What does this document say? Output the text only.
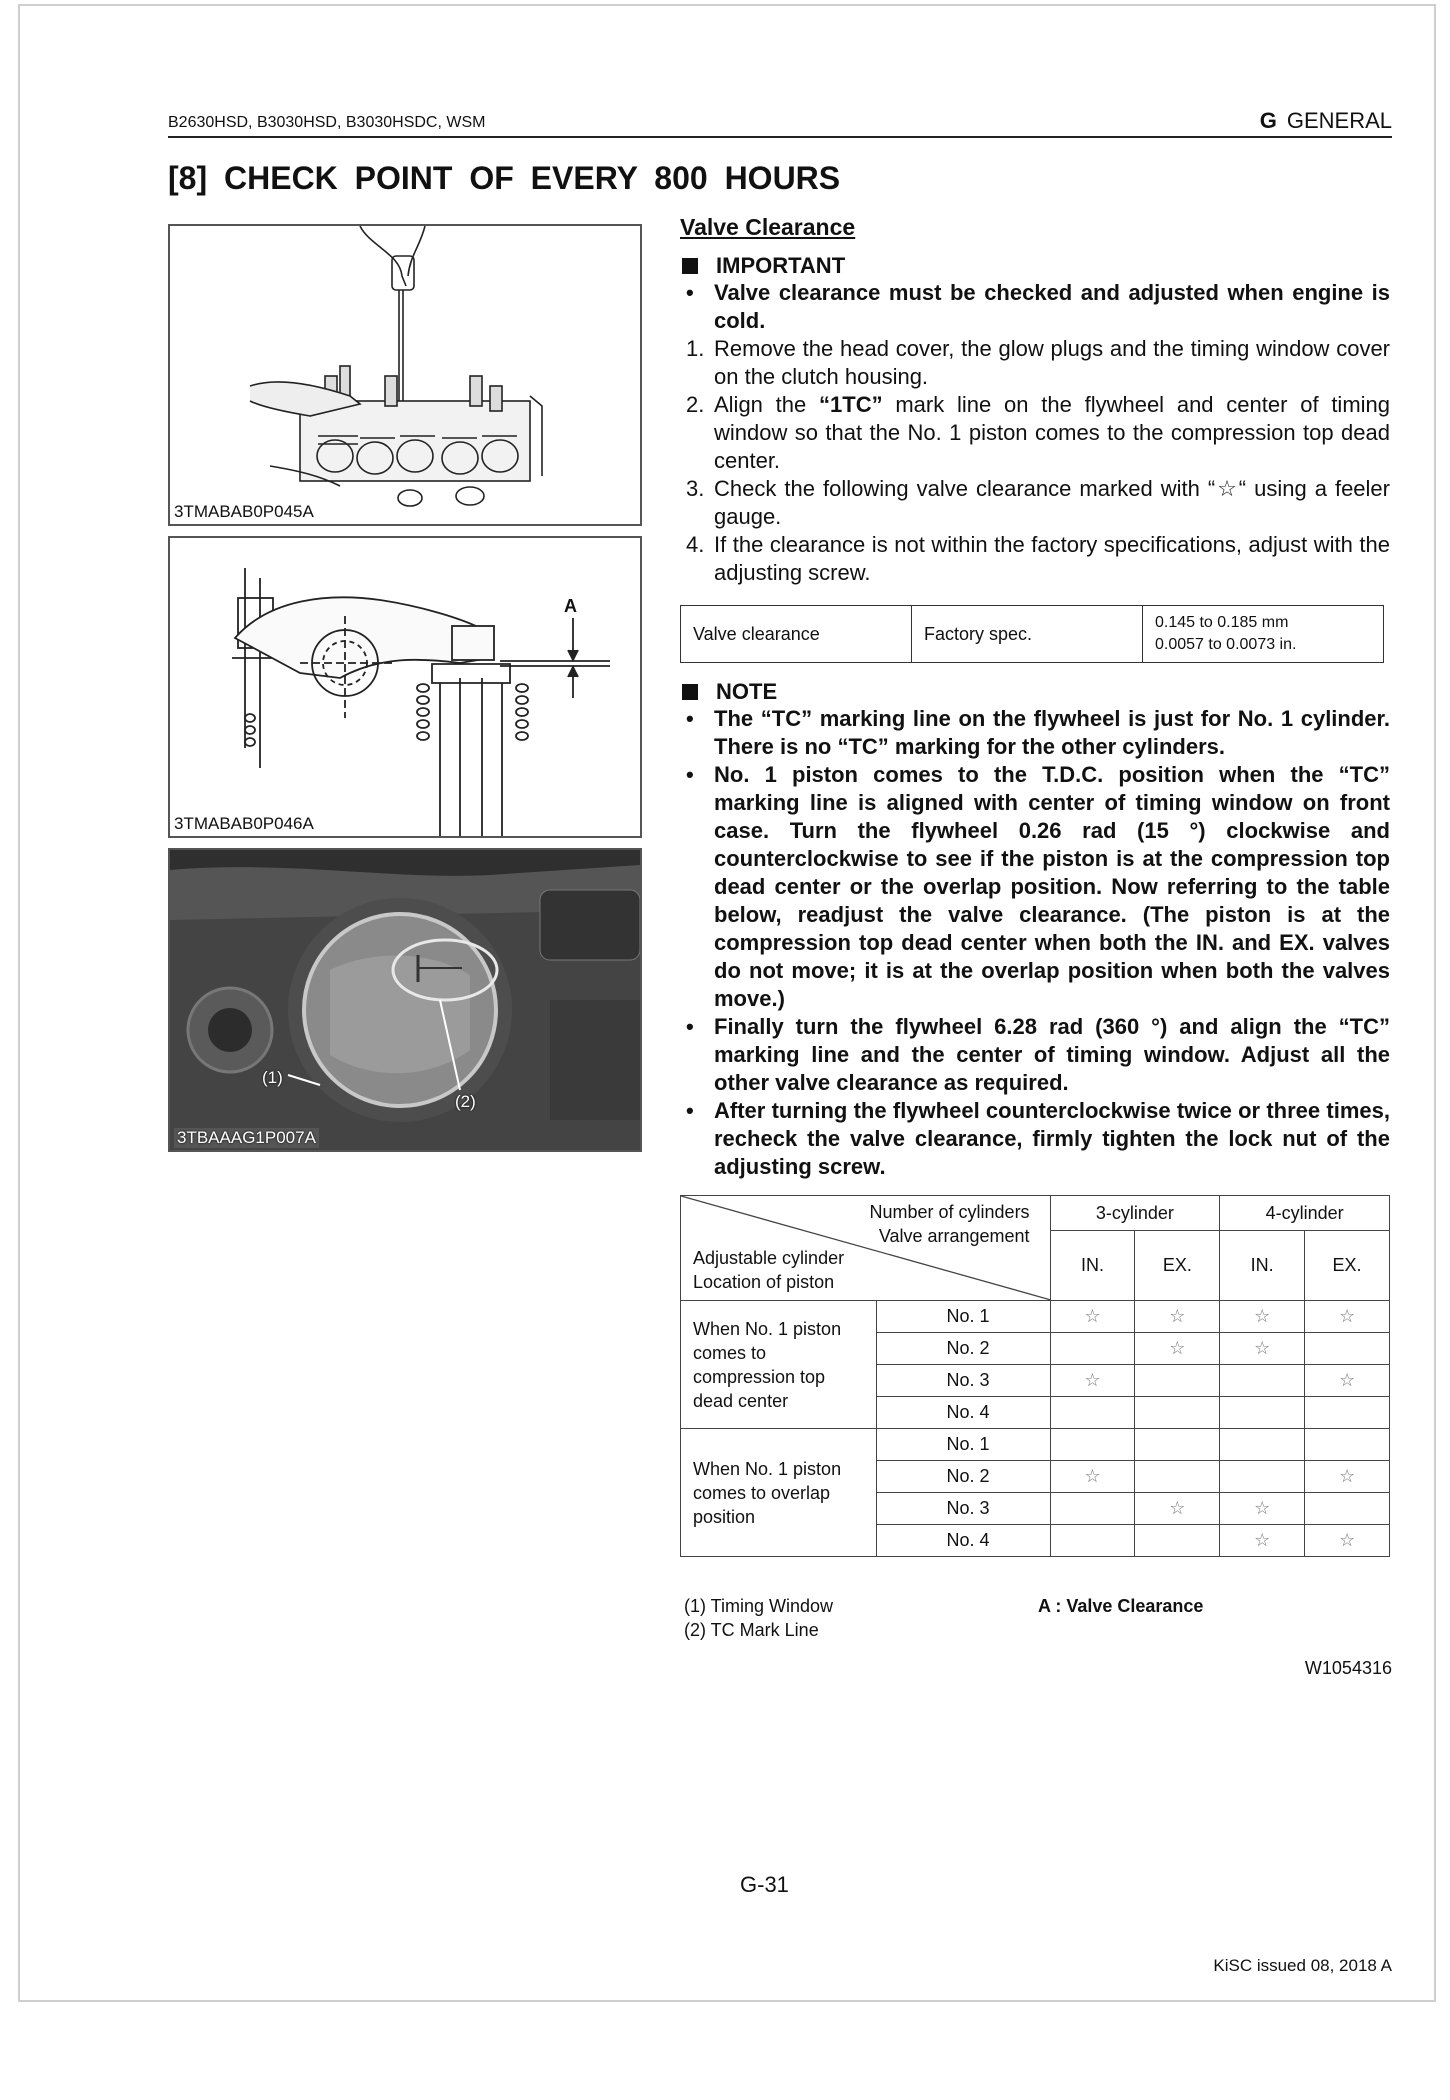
B2630HSD, B3030HSD, B3030HSDC, WSM	G GENERAL
[8] CHECK POINT OF EVERY 800 HOURS
3TMABAB0P045A
A
3TMABAB0P046A
(1)
(2)
3TBAAAG1P007A
Valve Clearance
IMPORTANT
• Valve clearance must be checked and adjusted when engine is cold.
1. Remove the head cover, the glow plugs and the timing window cover on the clutch housing.
2. Align the “1TC” mark line on the flywheel and center of timing window so that the No. 1 piston comes to the compression top dead center.
3. Check the following valve clearance marked with “☆“ using a feeler gauge.
4. If the clearance is not within the factory specifications, adjust with the adjusting screw.
Valve clearance	Factory spec.	
0.145 to 0.185 mm
0.0057 to 0.0073 in.
NOTE
• The “TC” marking line on the flywheel is just for No. 1 cylinder. There is no “TC” marking for the other cylinders.
• No. 1 piston comes to the T.D.C. position when the “TC” marking line is aligned with center of timing window on front case. Turn the flywheel 0.26 rad (15 °) clockwise and counterclockwise to see if the piston is at the compression top dead center or the overlap position. Now referring to the table below, readjust the valve clearance. (The piston is at the compression top dead center when both the IN. and EX. valves do not move; it is at the overlap position when both the valves move.)
• Finally turn the flywheel 6.28 rad (360 °) and align the “TC” marking line and the center of timing window. Adjust all the other valve clearance as required.
• After turning the flywheel counterclockwise twice or three times, recheck the valve clearance, firmly tighten the lock nut of the adjusting screw.
Number of cylinders
Valve arrangement
Adjustable cylinder
Location of piston		3-cylinder		4-cylinder	
		IN.	EX.	IN.	EX.
When No. 1 piston comes to compression top dead center	No. 1	☆	☆	☆	☆
	No. 2		☆	☆	
	No. 3	☆			☆
	No. 4				
When No. 1 piston comes to overlap position	No. 1				
	No. 2	☆			☆
	No. 3		☆	☆	
	No. 4			☆	☆
(1) Timing Window
(2) TC Mark Line
A : Valve Clearance
W1054316
G-31
KiSC issued 08, 2018 A
